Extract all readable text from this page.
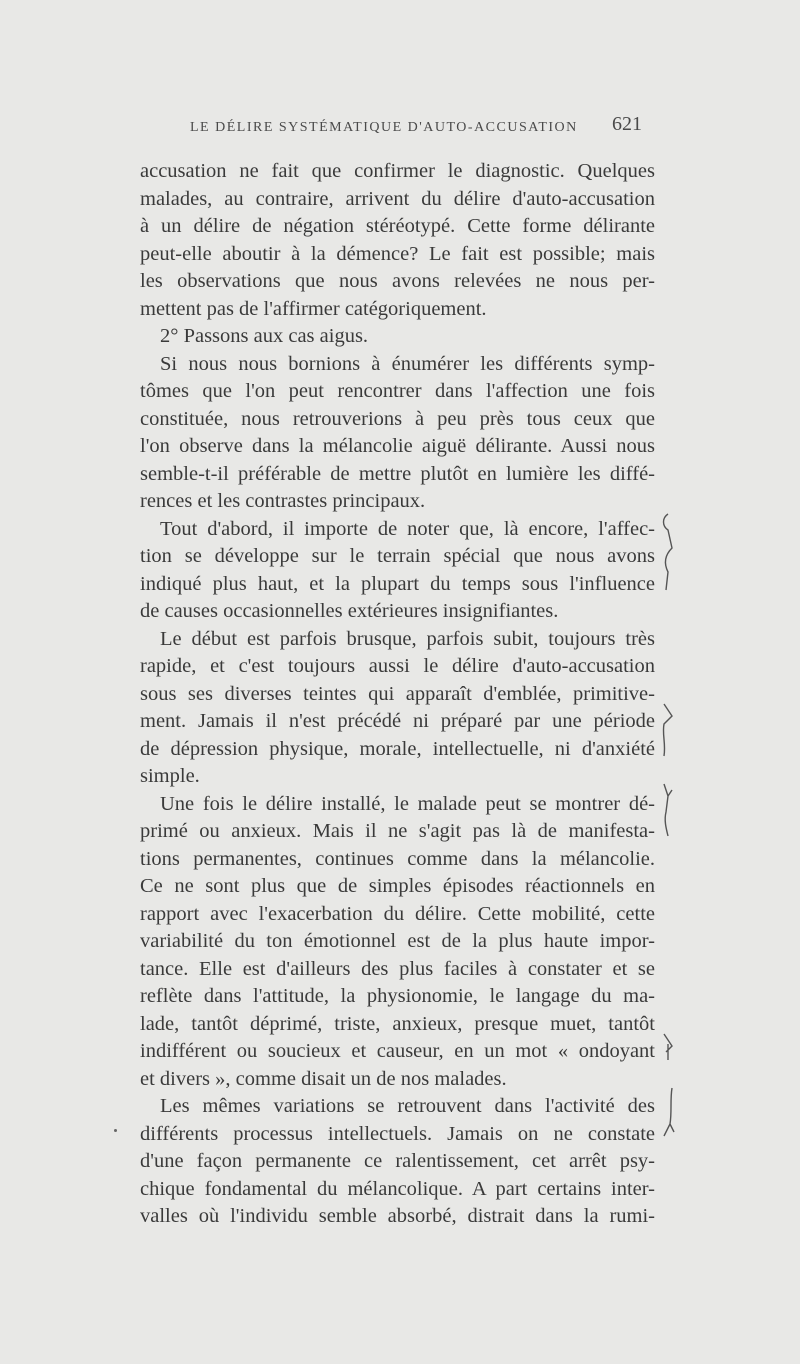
LE DÉLIRE SYSTÉMATIQUE D'AUTO-ACCUSATION	621
accusation ne fait que confirmer le diagnostic. Quelques
malades, au contraire, arrivent du délire d'auto-accusation
à un délire de négation stéréotypé. Cette forme délirante
peut-elle aboutir à la démence? Le fait est possible; mais
les observations que nous avons relevées ne nous per-
mettent pas de l'affirmer catégoriquement.
2° Passons aux cas aigus.
Si nous nous bornions à énumérer les différents symp-
tômes que l'on peut rencontrer dans l'affection une fois
constituée, nous retrouverions à peu près tous ceux que
l'on observe dans la mélancolie aiguë délirante. Aussi nous
semble-t-il préférable de mettre plutôt en lumière les diffé-
rences et les contrastes principaux.
Tout d'abord, il importe de noter que, là encore, l'affec-
tion se développe sur le terrain spécial que nous avons
indiqué plus haut, et la plupart du temps sous l'influence
de causes occasionnelles extérieures insignifiantes.
Le début est parfois brusque, parfois subit, toujours très
rapide, et c'est toujours aussi le délire d'auto-accusation
sous ses diverses teintes qui apparaît d'emblée, primitive-
ment. Jamais il n'est précédé ni préparé par une période
de dépression physique, morale, intellectuelle, ni d'anxiété
simple.
Une fois le délire installé, le malade peut se montrer dé-
primé ou anxieux. Mais il ne s'agit pas là de manifesta-
tions permanentes, continues comme dans la mélancolie.
Ce ne sont plus que de simples épisodes réactionnels en
rapport avec l'exacerbation du délire. Cette mobilité, cette
variabilité du ton émotionnel est de la plus haute impor-
tance. Elle est d'ailleurs des plus faciles à constater et se
reflète dans l'attitude, la physionomie, le langage du ma-
lade, tantôt déprimé, triste, anxieux, presque muet, tantôt
indifférent ou soucieux et causeur, en un mot « ondoyant
et divers », comme disait un de nos malades.
Les mêmes variations se retrouvent dans l'activité des
différents processus intellectuels. Jamais on ne constate
d'une façon permanente ce ralentissement, cet arrêt psy-
chique fondamental du mélancolique. A part certains inter-
valles où l'individu semble absorbé, distrait dans la rumi-
